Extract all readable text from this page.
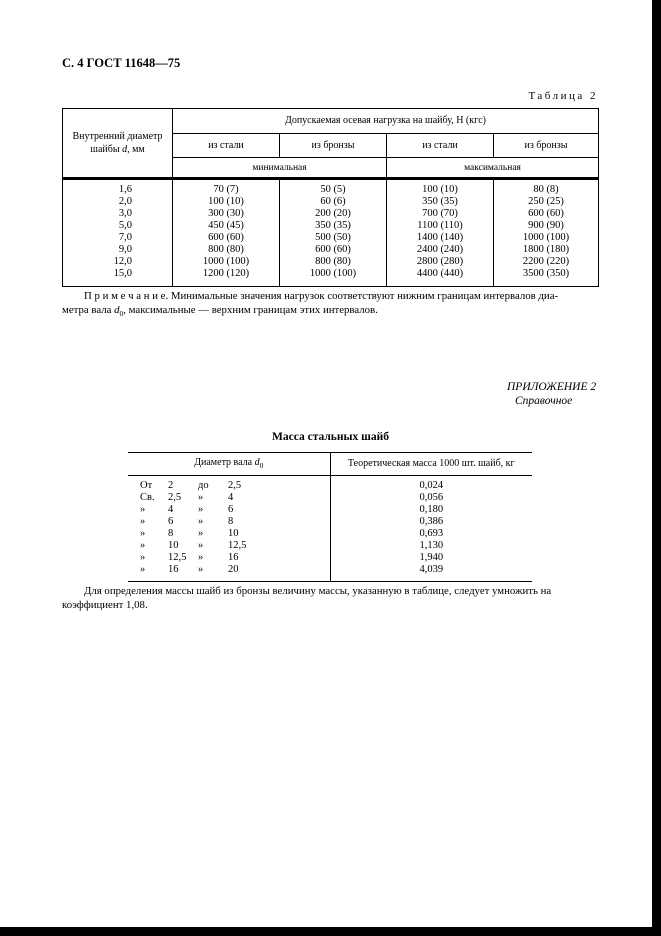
С. 4 ГОСТ 11648—75
Таблица 2
Внутренний диаметр
шайбы d, мм	Допускаемая осевая нагрузка на шайбу, Н (кгс)			
	из стали	из бронзы	из стали	из бронзы
	минимальная		максимальная	
1,6	70 (7)	50 (5)	100 (10)	80 (8)
2,0	100 (10)	60 (6)	350 (35)	250 (25)
3,0	300 (30)	200 (20)	700 (70)	600 (60)
5,0	450 (45)	350 (35)	1100 (110)	900 (90)
7,0	600 (60)	500 (50)	1400 (140)	1000 (100)
9,0	800 (80)	600 (60)	2400 (240)	1800 (180)
12,0	1000 (100)	800 (80)	2800 (280)	2200 (220)
15,0	1200 (120)	1000 (100)	4400 (440)	3500 (350)
П р и м е ч а н и е. Минимальные значения нагрузок соответствуют нижним границам интервалов диа-
метра вала $d_0$, максимальные — верхним границам этих интервалов.
ПРИЛОЖЕНИЕ 2
Справочное
Масса стальных шайб
Диаметр вала $d_0$				Теоретическая масса 1000 шт. шайб, кг
От	2	до	2,5	0,024
Св.	2,5	»	4	0,056
»	4	»	6	0,180
»	6	»	8	0,386
»	8	»	10	0,693
»	10	»	12,5	1,130
»	12,5	»	16	1,940
»	16	»	20	4,039
Для определения массы шайб из бронзы величину массы, указанную в таблице, следует умножить на
коэффициент 1,08.
